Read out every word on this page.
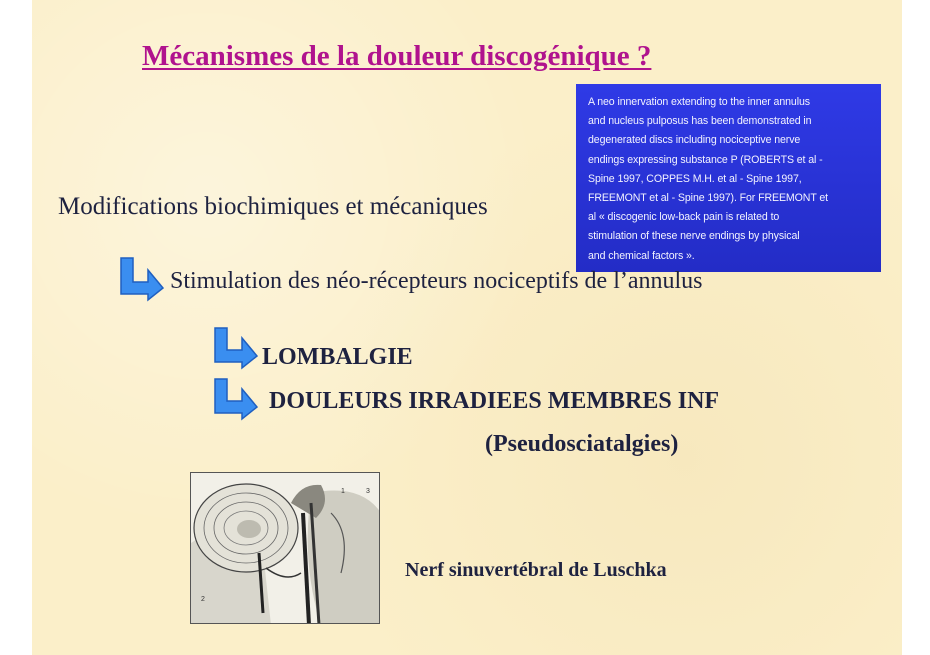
Mécanismes de la douleur discogénique ?

A neo innervation extending to the inner annulus
and nucleus pulposus has been demonstrated in
degenerated discs including nociceptive nerve
endings expressing substance P (ROBERTS et al -
Spine 1997, COPPES M.H. et al - Spine 1997,
FREEMONT et al - Spine 1997). For FREEMONT et
al « discogenic low-back pain is related to
stimulation of these nerve endings by physical
and chemical factors ».

Modifications biochimiques et mécaniques
Stimulation des néo-récepteurs nociceptifs de l’annulus
LOMBALGIE
DOULEURS IRRADIEES MEMBRES INF
(Pseudosciatalgies)
1	3
2
Nerf sinuvertébral de Luschka
